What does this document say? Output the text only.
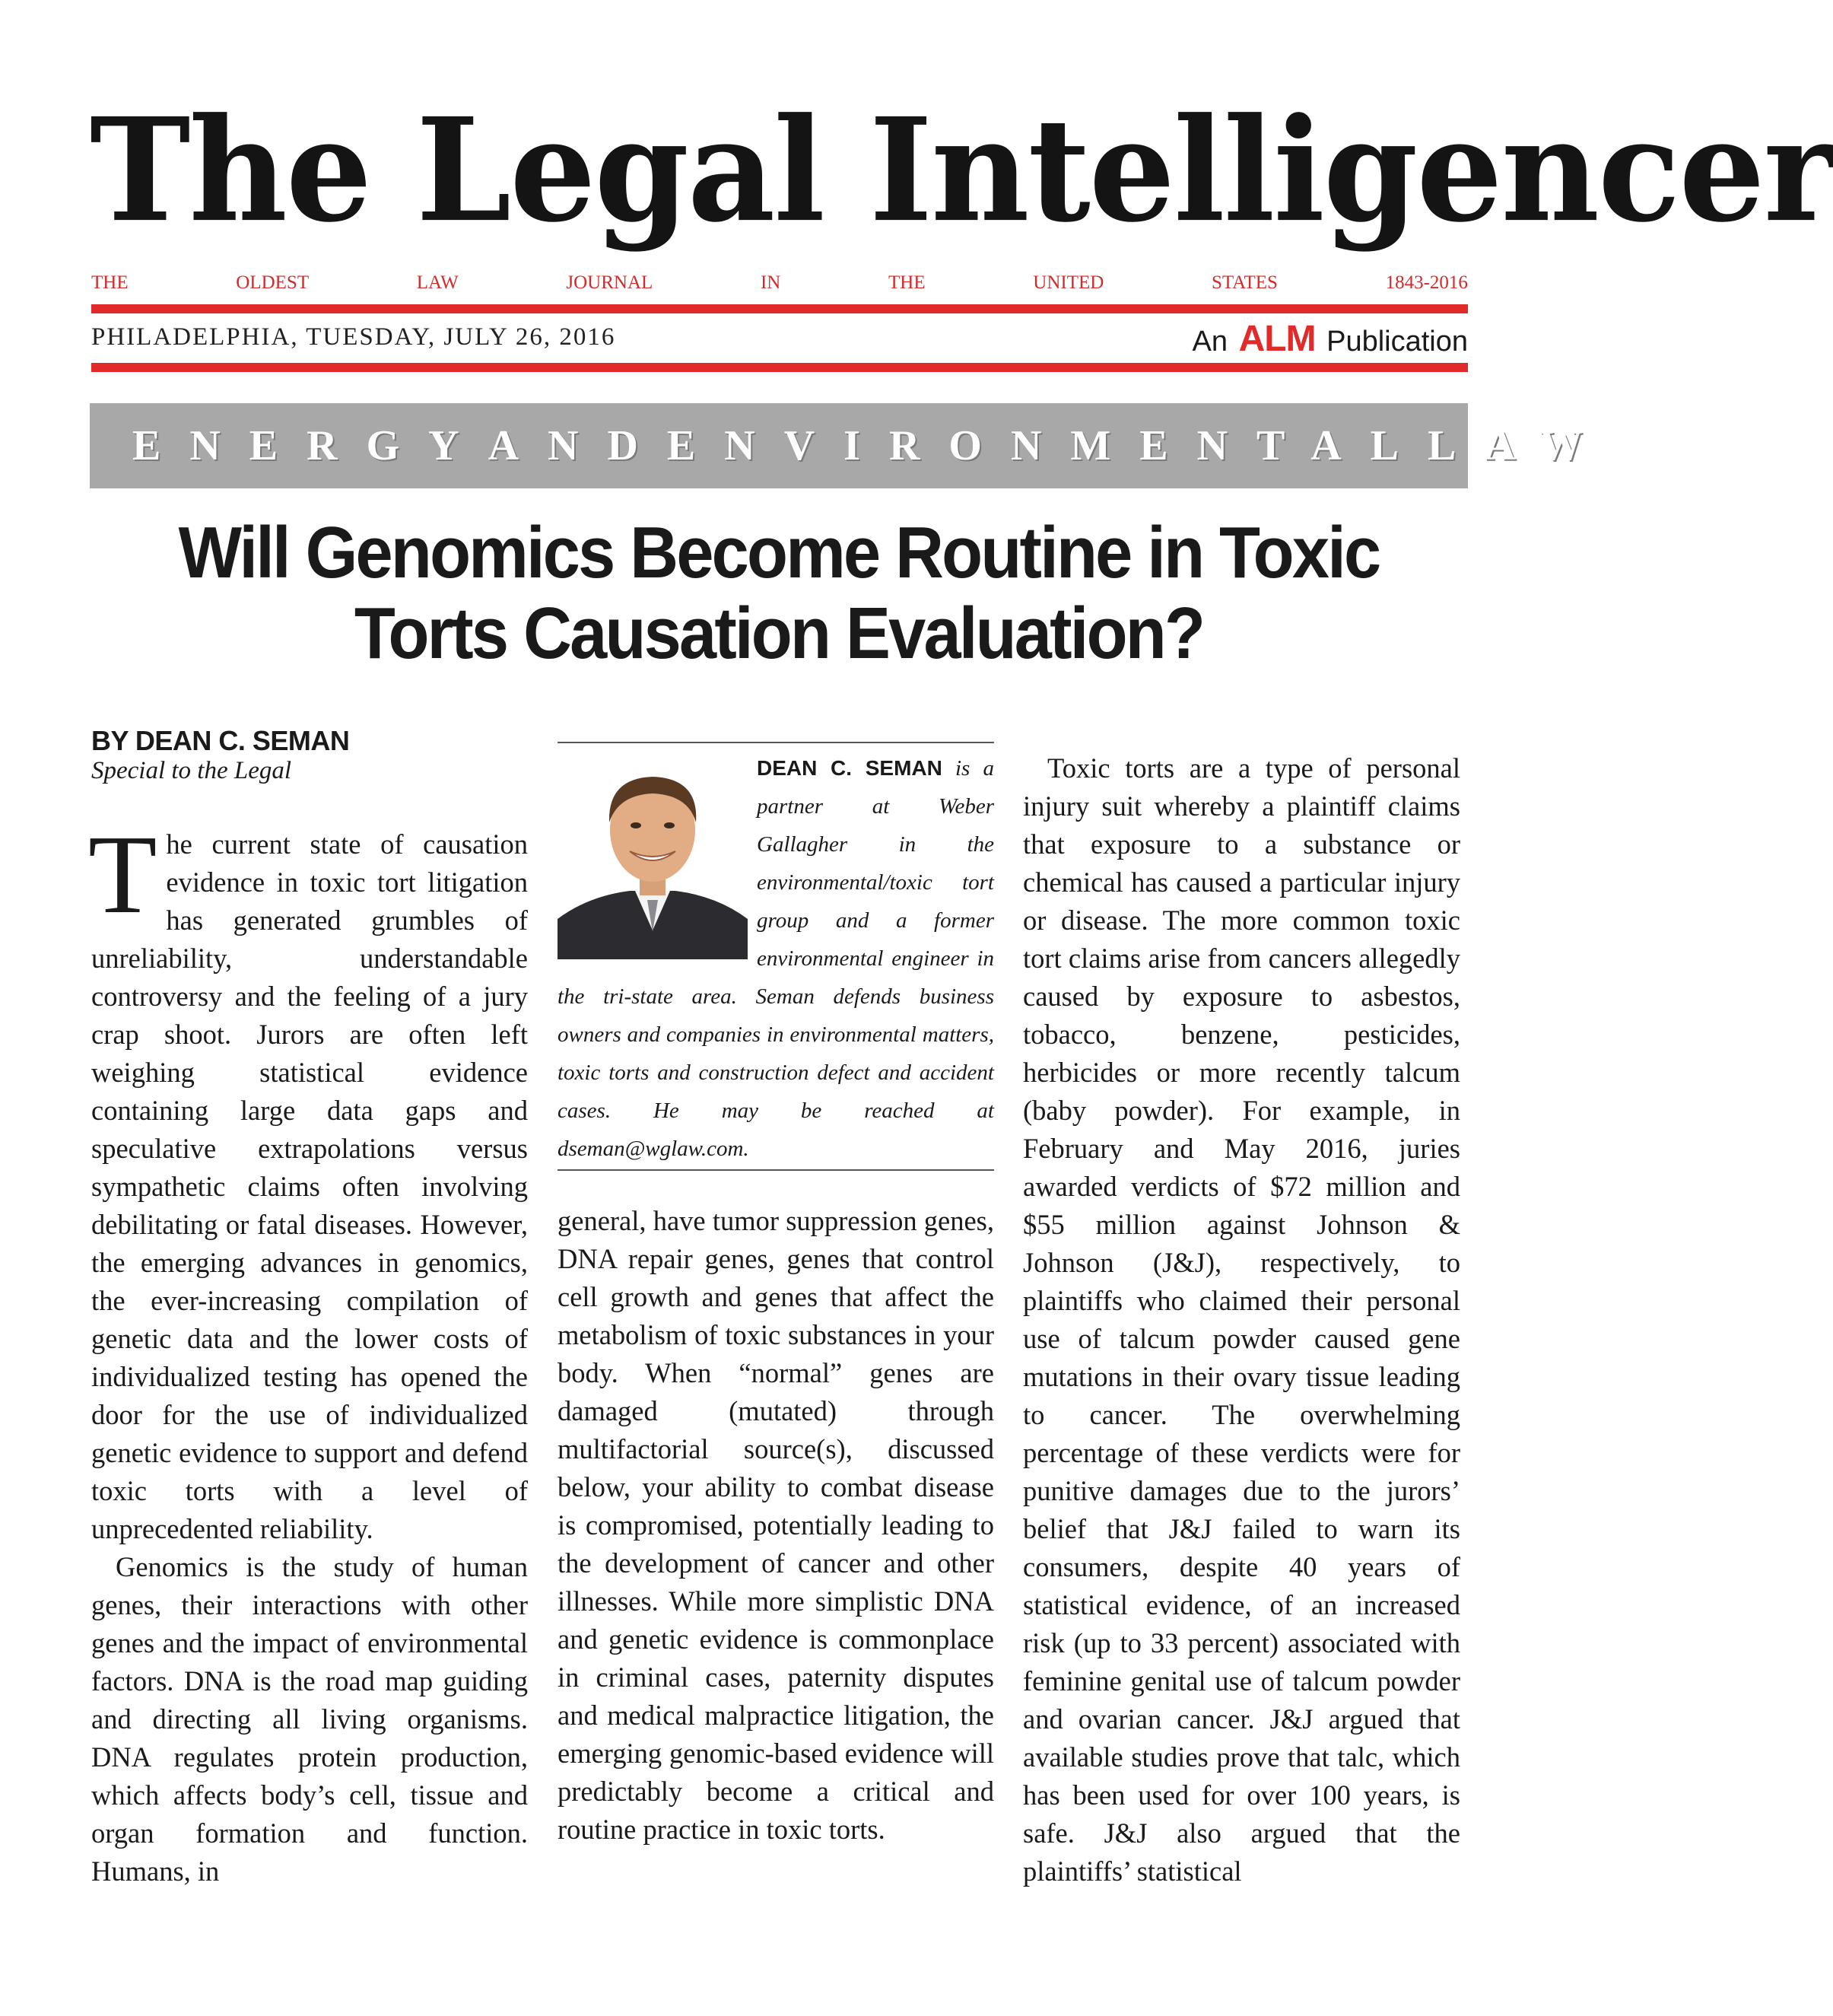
The Legal Intelligencer
THE	OLDEST	LAW	JOURNAL	IN	THE	UNITED	STATES	1843-2016
PHILADELPHIA, TUESDAY, JULY 26, 2016	An ALM Publication
ENERGY AND ENVIRONMENTAL LAW
Will Genomics Become Routine in Toxic
Torts Causation Evaluation?
BY DEAN C. SEMAN
Special to the Legal

The current state of causation evidence in toxic tort litigation has generated grumbles of unreliability, understandable controversy and the feeling of a jury crap shoot. Jurors are often left weighing statistical evidence containing large data gaps and speculative extrapolations versus sympathetic claims often involving debilitating or fatal diseases. However, the emerging advances in genomics, the ever-increasing compilation of genetic data and the lower costs of individualized testing has opened the door for the use of individualized genetic evidence to support and defend toxic torts with a level of unprecedented reliability.

Genomics is the study of human genes, their interactions with other genes and the impact of environmental factors. DNA is the road map guiding and directing all living organisms. DNA regulates protein production, which affects body’s cell, tissue and organ formation and function. Humans, in

DEAN C. SEMAN is a partner at Weber Gallagher in the environmental/toxic tort group and a former environmental engineer in the tri-state area. Seman defends business owners and companies in environmental matters, toxic torts and construction defect and accident cases. He may be reached at dseman@wglaw.com.

general, have tumor suppression genes, DNA repair genes, genes that control cell growth and genes that affect the metabolism of toxic substances in your body. When “normal” genes are damaged (mutated) through multifactorial source(s), discussed below, your ability to combat disease is compromised, potentially leading to the development of cancer and other illnesses. While more simplistic DNA and genetic evidence is commonplace in criminal cases, paternity disputes and medical malpractice litigation, the emerging genomic-based evidence will predictably become a critical and routine practice in toxic torts.

Toxic torts are a type of personal injury suit whereby a plaintiff claims that exposure to a substance or chemical has caused a particular injury or disease. The more common toxic tort claims arise from cancers allegedly caused by exposure to asbestos, tobacco, benzene, pesticides, herbicides or more recently talcum (baby powder). For example, in February and May 2016, juries awarded verdicts of $72 million and $55 million against Johnson & Johnson (J&J), respectively, to plaintiffs who claimed their personal use of talcum powder caused gene mutations in their ovary tissue leading to cancer. The overwhelming percentage of these verdicts were for punitive damages due to the jurors’ belief that J&J failed to warn its consumers, despite 40 years of statistical evidence, of an increased risk (up to 33 percent) associated with feminine genital use of talcum powder and ovarian cancer. J&J argued that available studies prove that talc, which has been used for over 100 years, is safe. J&J also argued that the plaintiffs’ statistical
